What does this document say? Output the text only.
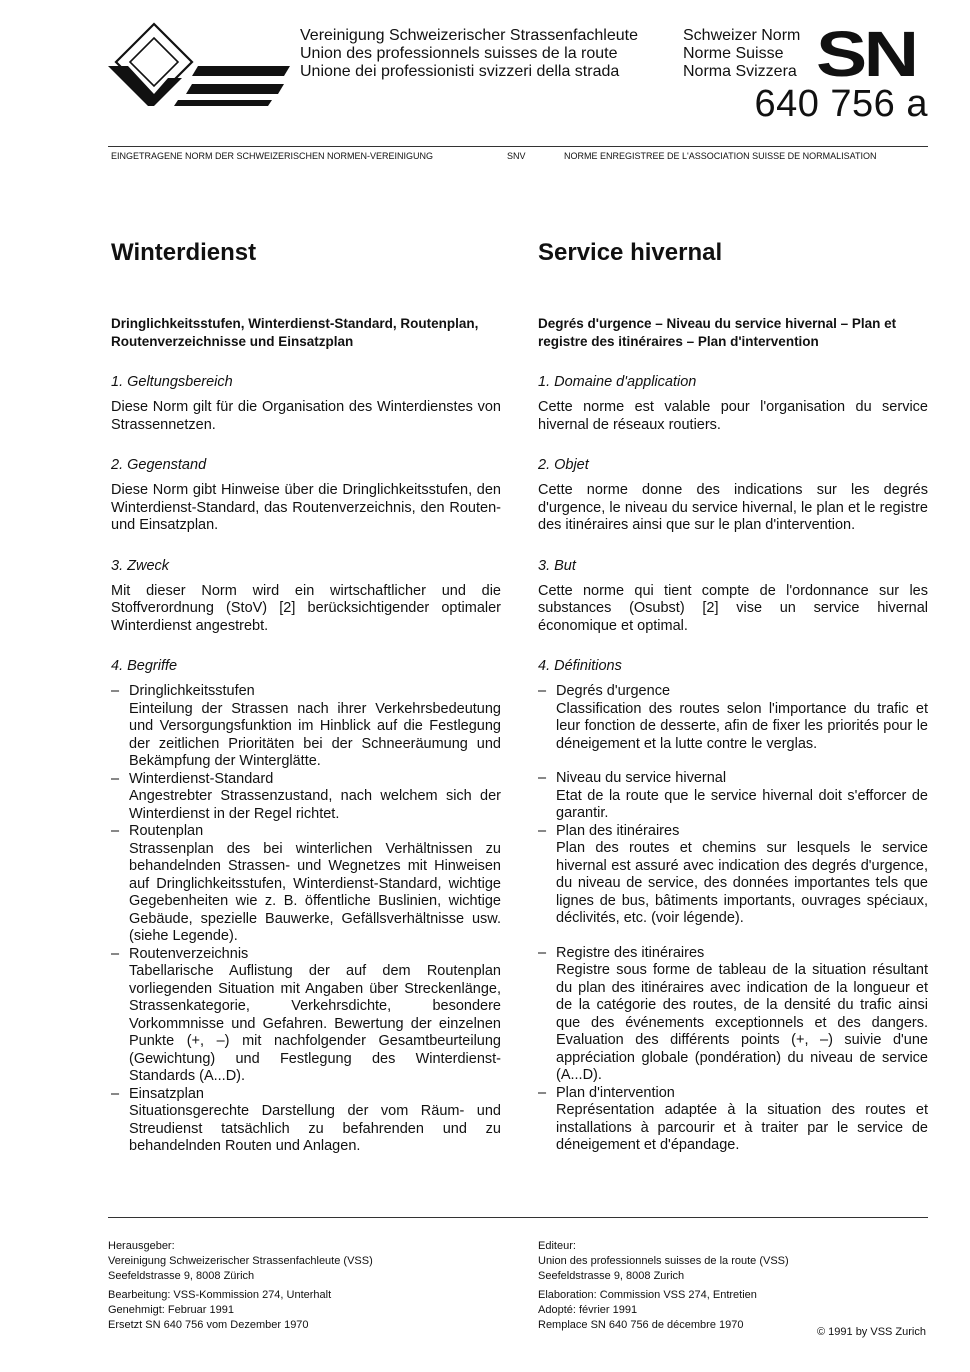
Vereinigung Schweizerischer Strassenfachleute
Union des professionnels suisses de la route
Unione dei professionisti svizzeri della strada
Schweizer Norm
Norme Suisse
Norma Svizzera SN
640 756 a
EINGETRAGENE NORM DER SCHWEIZERISCHEN NORMEN-VEREINIGUNG	SNV	NORME ENREGISTREE DE L'ASSOCIATION SUISSE DE NORMALISATION
Winterdienst
Dringlichkeitsstufen, Winterdienst-Standard, Routenplan, Routenverzeichnisse und Einsatzplan
1. Geltungsbereich
Diese Norm gilt für die Organisation des Winterdienstes von Strassennetzen.
2. Gegenstand
Diese Norm gibt Hinweise über die Dringlichkeitsstufen, den Winterdienst-Standard, das Routenverzeichnis, den Routen- und Einsatzplan.
3. Zweck
Mit dieser Norm wird ein wirtschaftlicher und die Stoffverordnung (StoV) [2] berücksichtigender optimaler Winterdienst angestrebt.
4. Begriffe
– Dringlichkeitsstufen
Einteilung der Strassen nach ihrer Verkehrsbedeutung und Versorgungsfunktion im Hinblick auf die Festlegung der zeitlichen Prioritäten bei der Schneeräumung und Bekämpfung der Winterglätte.
– Winterdienst-Standard
Angestrebter Strassenzustand, nach welchem sich der Winterdienst in der Regel richtet.
– Routenplan
Strassenplan des bei winterlichen Verhältnissen zu behandelnden Strassen- und Wegnetzes mit Hinweisen auf Dringlichkeitsstufen, Winterdienst-Standard, wichtige Gegebenheiten wie z. B. öffentliche Buslinien, wichtige Gebäude, spezielle Bauwerke, Gefällsverhältnisse usw. (siehe Legende).
– Routenverzeichnis
Tabellarische Auflistung der auf dem Routenplan vorliegenden Situation mit Angaben über Streckenlänge, Strassenkategorie, Verkehrsdichte, besondere Vorkommnisse und Gefahren. Bewertung der einzelnen Punkte (+, –) mit nachfolgender Gesamtbeurteilung (Gewichtung) und Festlegung des Winterdienst-Standards (A...D).
– Einsatzplan
Situationsgerechte Darstellung der vom Räum- und Streudienst tatsächlich zu befahrenden und zu behandelnden Routen und Anlagen.
Service hivernal
Degrés d'urgence – Niveau du service hivernal – Plan et registre des itinéraires – Plan d'intervention
1. Domaine d'application
Cette norme est valable pour l'organisation du service hivernal de réseaux routiers.
2. Objet
Cette norme donne des indications sur les degrés d'urgence, le niveau du service hivernal, le plan et le registre des itinéraires ainsi que sur le plan d'intervention.
3. But
Cette norme qui tient compte de l'ordonnance sur les substances (Osubst) [2] vise un service hivernal économique et optimal.
4. Définitions
– Degrés d'urgence
Classification des routes selon l'importance du trafic et leur fonction de desserte, afin de fixer les priorités pour le déneigement et la lutte contre le verglas.
– Niveau du service hivernal
Etat de la route que le service hivernal doit s'efforcer de garantir.
– Plan des itinéraires
Plan des routes et chemins sur lesquels le service hivernal est assuré avec indication des degrés d'urgence, du niveau de service, des données importantes tels que lignes de bus, bâtiments importants, ouvrages spéciaux, déclivités, etc. (voir légende).
– Registre des itinéraires
Registre sous forme de tableau de la situation résultant du plan des itinéraires avec indication de la longueur et de la catégorie des routes, de la densité du trafic ainsi que des événements exceptionnels et des dangers. Evaluation des différents points (+, –) suivie d'une appréciation globale (pondération) du niveau de service (A...D).
– Plan d'intervention
Représentation adaptée à la situation des routes et installations à parcourir et à traiter par le service de déneigement et d'épandage.
Herausgeber:
Vereinigung Schweizerischer Strassenfachleute (VSS)
Seefeldstrasse 9, 8008 Zürich
Bearbeitung: VSS-Kommission 274, Unterhalt
Genehmigt: Februar 1991
Ersetzt SN 640 756 vom Dezember 1970
Editeur:
Union des professionnels suisses de la route (VSS)
Seefeldstrasse 9, 8008 Zurich
Elaboration: Commission VSS 274, Entretien
Adopté: février 1991
Remplace SN 640 756 de décembre 1970
© 1991 by VSS Zurich
